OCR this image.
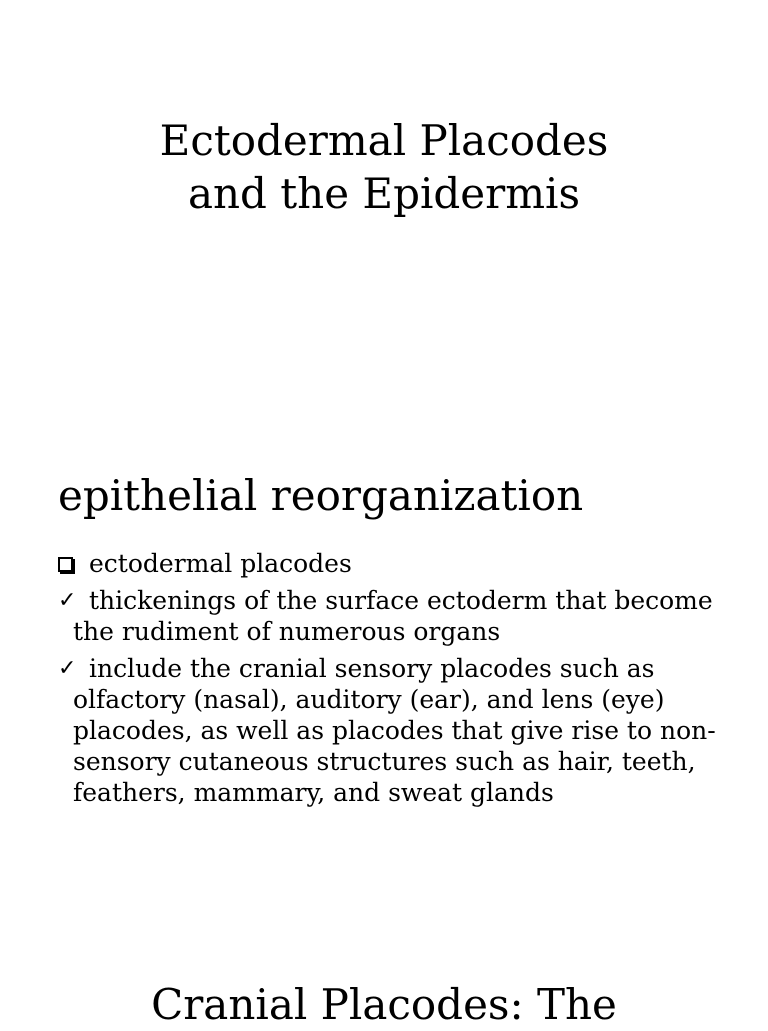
Ectodermal Placodes
and the Epidermis
epithelial reorganization
ectodermal placodes
✓ thickenings of the surface ectoderm that become the rudiment of numerous organs
✓ include the cranial sensory placodes such as olfactory (nasal), auditory (ear), and lens (eye) placodes, as well as placodes that give rise to non-sensory cutaneous structures such as hair, teeth, feathers, mammary, and sweat glands
Cranial Placodes: The
